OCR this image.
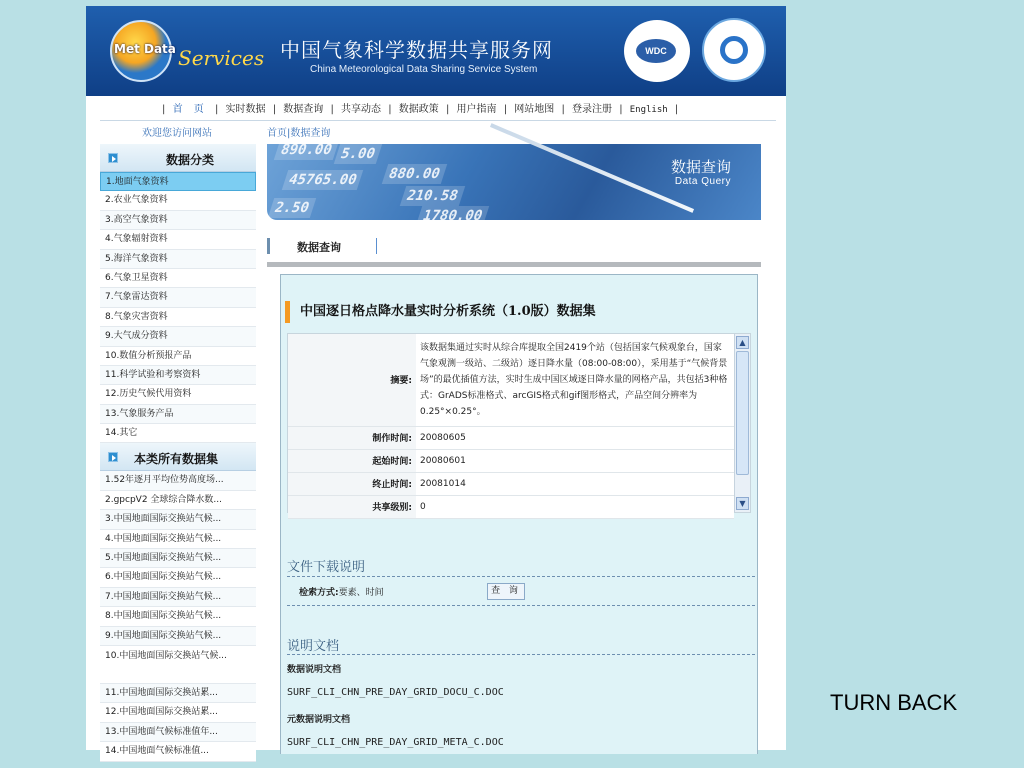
Met Data Services 中国气象科学数据共享服务网
China Meteorological Data Sharing Service System
WDC
| 首 页 | 实时数据 | 数据查询 | 共享动态 | 数据政策 | 用户指南 | 网站地图 | 登录注册 | English |
欢迎您访问网站	首页|数据查询
数据分类
1.地面气象资料
2.农业气象资料
3.高空气象资料
4.气象辐射资料
5.海洋气象资料
6.气象卫星资料
7.气象雷达资料
8.气象灾害资料
9.大气成分资料
10.数值分析预报产品
11.科学试验和考察资料
12.历史气候代用资料
13.气象服务产品
14.其它
本类所有数据集
1.52年逐月平均位势高度场...
2.gpcpV2 全球综合降水数...
3.中国地面国际交换站气候...
4.中国地面国际交换站气候...
5.中国地面国际交换站气候...
6.中国地面国际交换站气候...
7.中国地面国际交换站气候...
8.中国地面国际交换站气候...
9.中国地面国际交换站气候...
10.中国地面国际交换站气候...
11.中国地面国际交换站累...
12.中国地面国际交换站累...
13.中国地面气候标准值年...
14.中国地面气候标准值...
890.00 5.00
45765.00	880.00
210.58
1780.00
2.50
数据查询
Data Query
数据查询
中国逐日格点降水量实时分析系统（1.0版）数据集
摘要:	该数据集通过实时从综合库提取全国2419个站（包括国家气候观象台，国家气象观测一级站、二级站）逐日降水量（08:00-08:00），采用基于“气候背景场”的最优插值方法，实时生成中国区域逐日降水量的网格产品，共包括3种格式：GrADS标准格式、arcGIS格式和gif图形格式，产品空间分辨率为0.25°×0.25°。
制作时间:	20080605
起始时间:	20080601
终止时间:	20081014
共享级别:	0
▲
▼
文件下载说明
检索方式:要素、时间	查 询
说明文档
数据说明文档
SURF_CLI_CHN_PRE_DAY_GRID_DOCU_C.DOC
元数据说明文档
SURF_CLI_CHN_PRE_DAY_GRID_META_C.DOC
TURN BACK
